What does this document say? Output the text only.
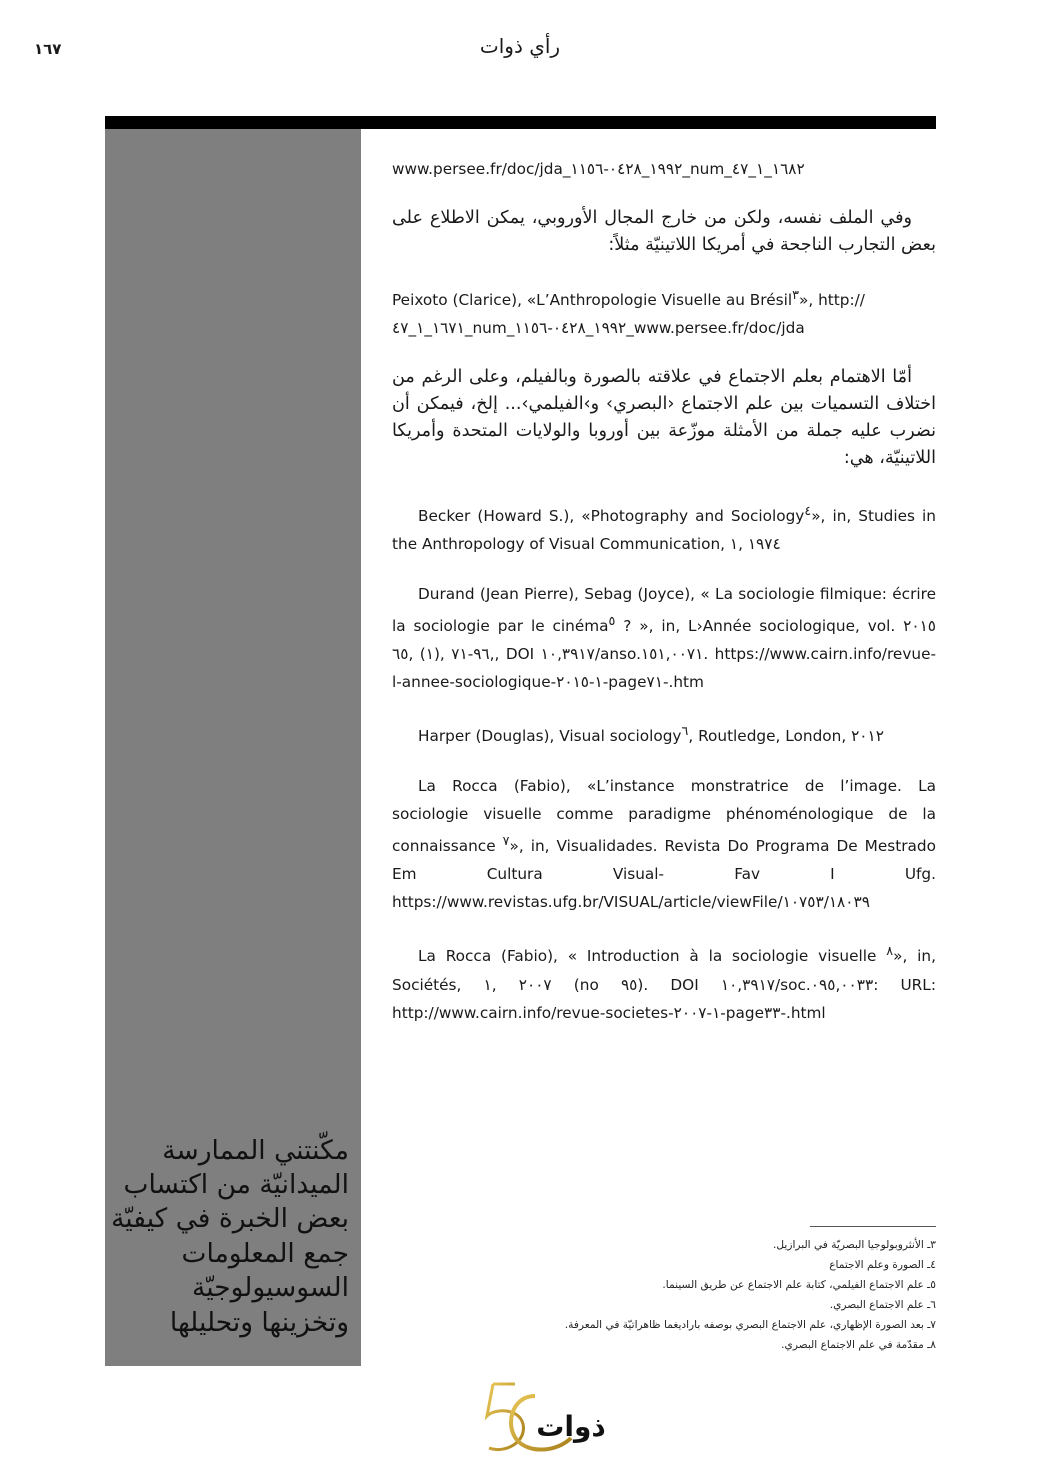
١٦٧	رأي ذوات
مكّنتني الممارسة الميدانيّة من اكتساب بعض الخبرة في كيفيّة جمع المعلومات السوسيولوجيّة وتخزينها وتحليلها

www.persee.fr/doc/jda_١٩٩٢_٠٤٢٨-١١٥٦_num_١٦٨٢_١_٤٧

وفي الملف نفسه، ولكن من خارج المجال الأوروبي، يمكن الاطلاع على بعض التجارب الناجحة في أمريكا اللاتينيّة مثلاً:

Peixoto (Clarice), «L’Anthropologie Visuelle au Brésil$^٣$», http:// ١٦٧١_١_٤٧_num_١٩٩٢_٠٤٢٨-١١٥٦_www.persee.fr/doc/jda

أمّا الاهتمام بعلم الاجتماع في علاقته بالصورة وبالفيلم، وعلى الرغم من اختلاف التسميات بين علم الاجتماع ‹البصري› و›الفيلمي›... إلخ، فيمكن أن نضرب عليه جملة من الأمثلة موزّعة بين أوروبا والولايات المتحدة وأمريكا اللاتينيّة، هي:

Becker (Howard S.), «Photography and Sociology$^٤$», in, Studies in the Anthropology of Visual Communication, ١٩٧٤ ,١

Durand (Jean Pierre), Sebag (Joyce), « La sociologie filmique: écrire la sociologie par le cinéma$^٥$ ? », in, L›Année sociologique, vol. ٢٠١٥ ,٩٦-٧١ ,(١) ,٦٥, DOI ١٠,٣٩١٧/anso.١٥١,٠٠٧١. https://www.cairn.info/revue-l-annee-sociologique-١-٢٠١٥-page٧١-.htm

Harper (Douglas), Visual sociology$^٦$, Routledge, London, ٢٠١٢

La Rocca (Fabio), «L’instance monstratrice de l’image. La sociologie visuelle comme paradigme phénoménologique de la connaissance $^٧$», in, Visualidades. Revista Do Programa De Mestrado Em Cultura Visual- Fav I Ufg. https://www.revistas.ufg.br/VISUAL/article/viewFile/١٠٧٥٣/١٨٠٣٩

La Rocca (Fabio), « Introduction à la sociologie visuelle $^٨$», in, Sociétés, ٢٠٠٧ ,١ (no ٩٥). DOI ١٠,٣٩١٧/soc.٠٩٥,٠٠٣٣: URL: http://www.cairn.info/revue-societes-١-٢٠٠٧-page٣٣-.html

٣ـ الأنثروبولوجيا البصريّة في البرازيل.
٤ـ الصورة وعلم الاجتماع
٥ـ علم الاجتماع الفيلمي، كتابة علم الاجتماع عن طريق السينما.
٦ـ علم الاجتماع البصري.
٧ـ بعد الصورة الإظهاري، علم الاجتماع البصري بوصفه باراديغما ظاهراتيّة في المعرفة.
٨ـ مقدّمة في علم الاجتماع البصري.
ذوات
